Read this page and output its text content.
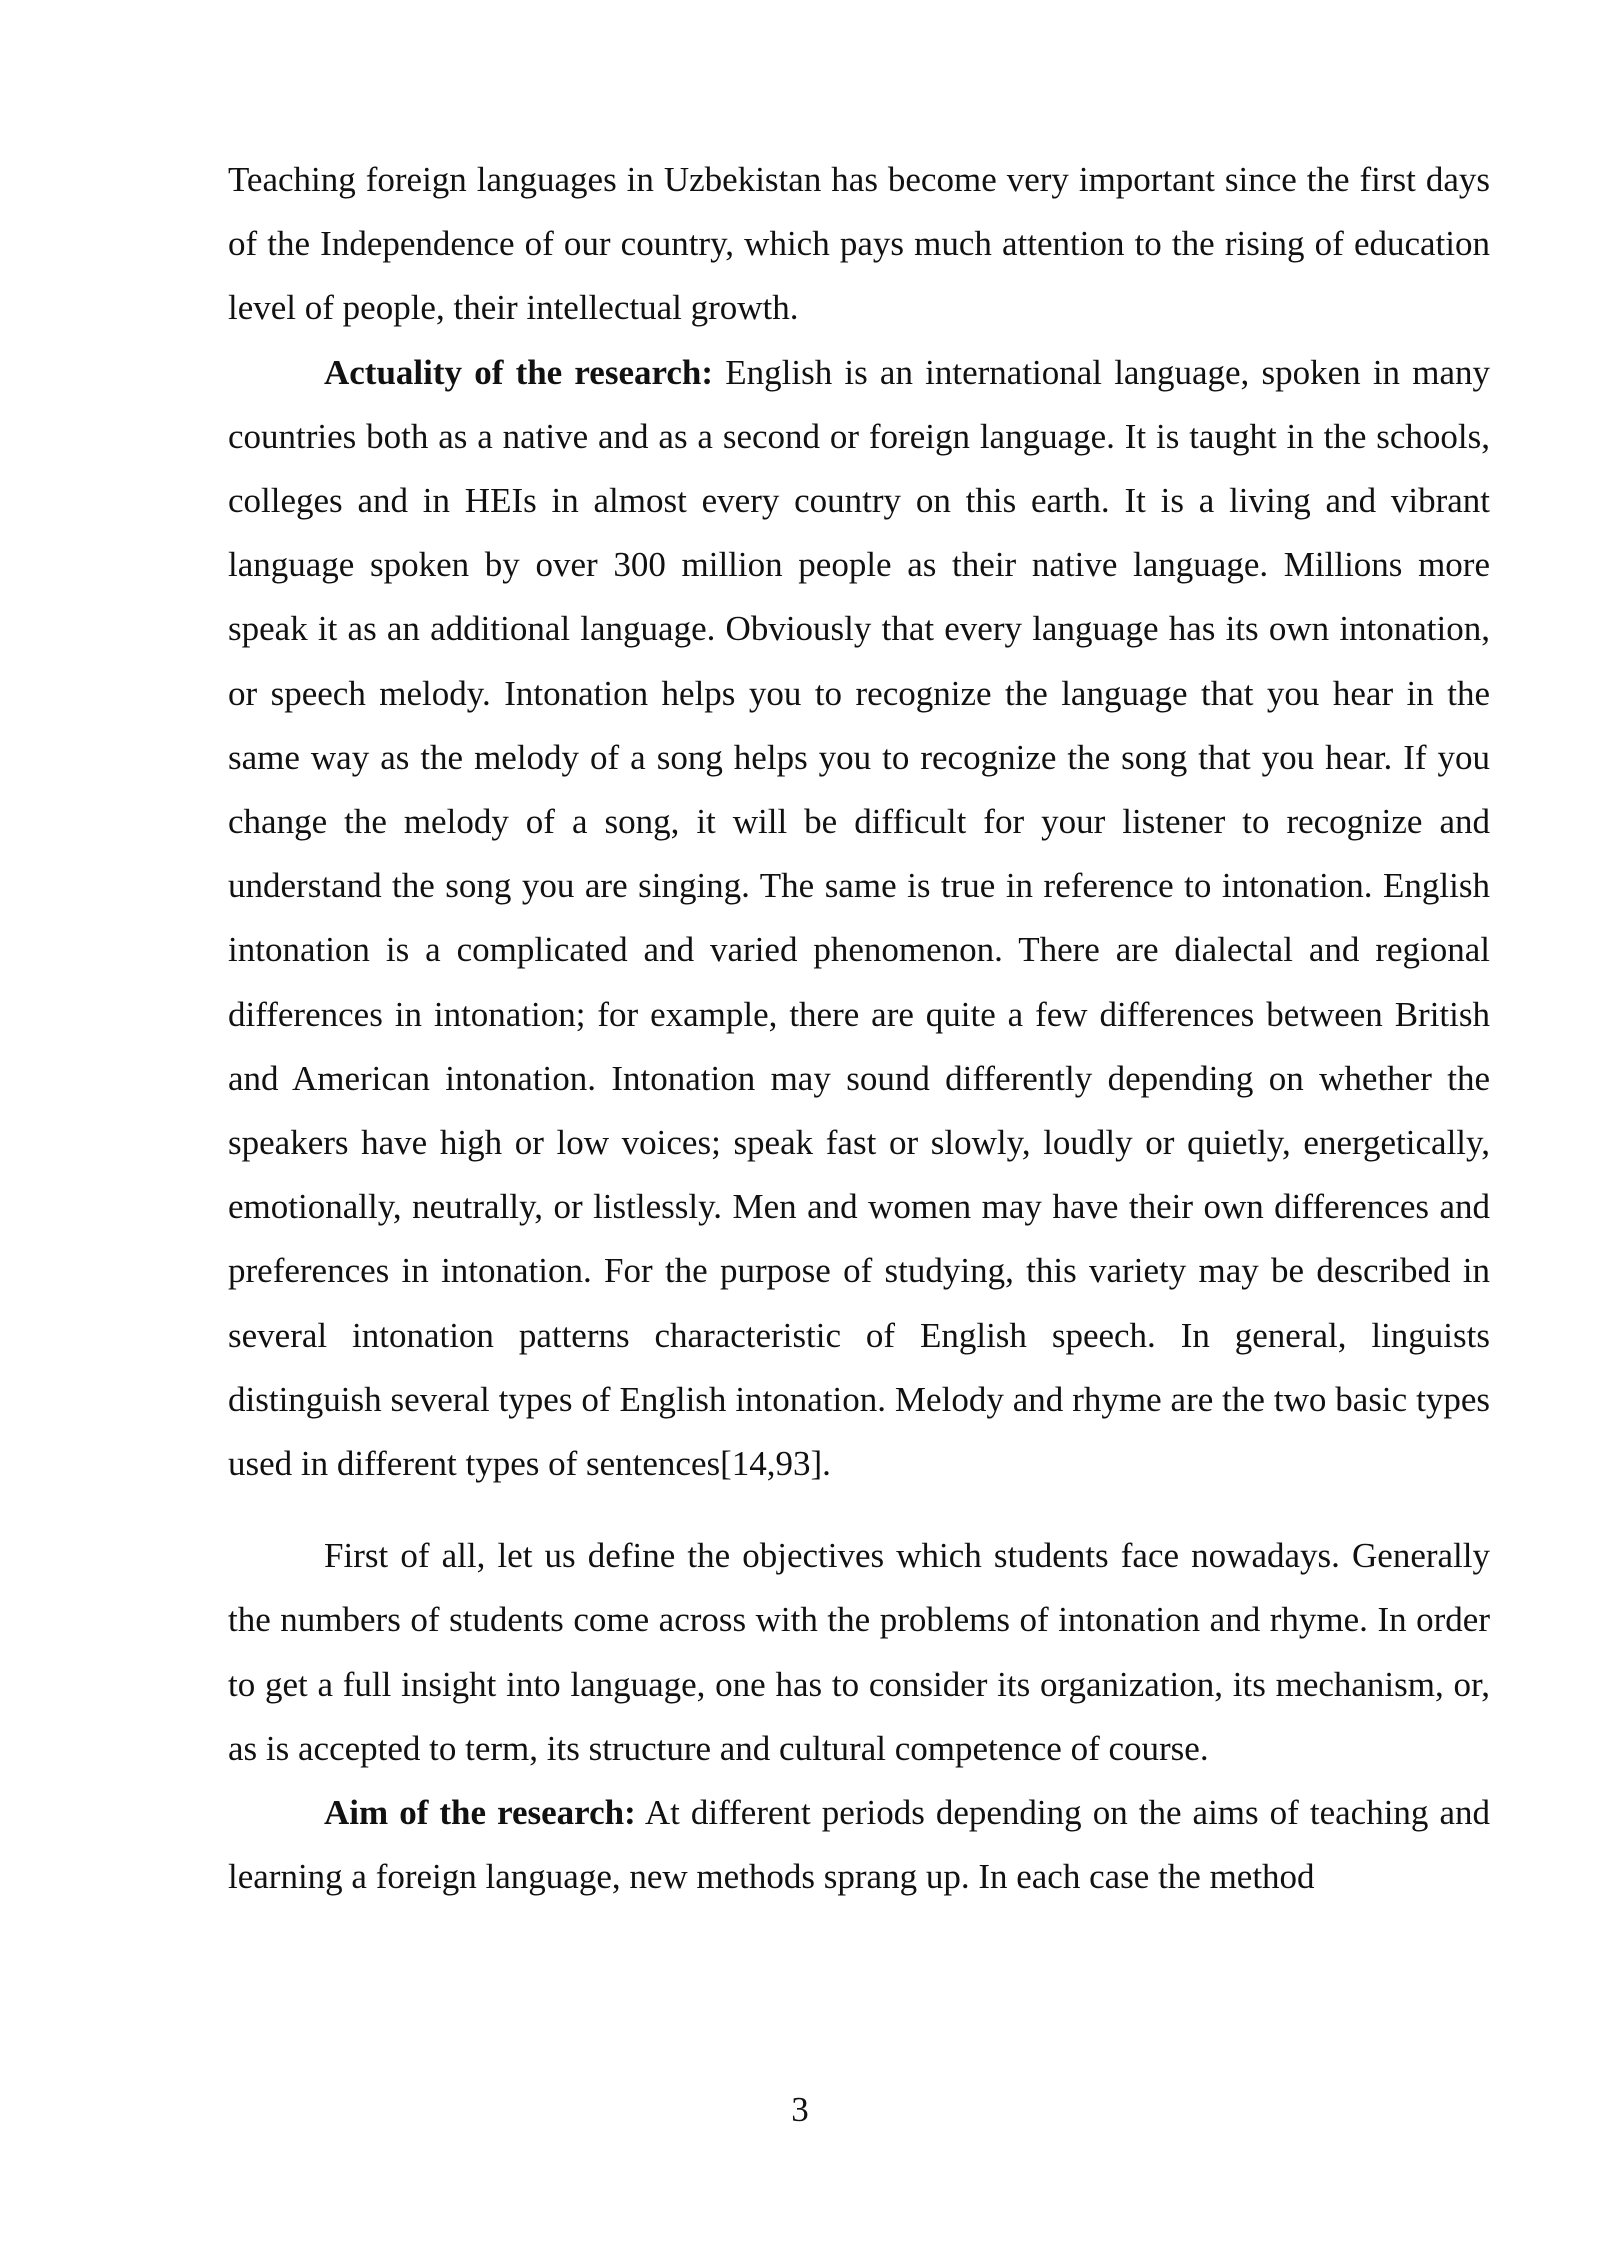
Teaching foreign languages in Uzbekistan has become very important since the first days of the Independence of our country, which pays much attention to the rising of education level of people, their intellectual growth.

Actuality of the research: English is an international language, spoken in many countries both as a native and as a second or foreign language. It is taught in the schools, colleges and in HEIs in almost every country on this earth. It is a living and vibrant language spoken by over 300 million people as their native language. Millions more speak it as an additional language. Obviously that every language has its own intonation, or speech melody. Intonation helps you to recognize the language that you hear in the same way as the melody of a song helps you to recognize the song that you hear. If you change the melody of a song, it will be difficult for your listener to recognize and understand the song you are singing. The same is true in reference to intonation. English intonation is a complicated and varied phenomenon. There are dialectal and regional differences in intonation; for example, there are quite a few differences between British and American intonation. Intonation may sound differently depending on whether the speakers have high or low voices; speak fast or slowly, loudly or quietly, energetically, emotionally, neutrally, or listlessly. Men and women may have their own differences and preferences in intonation. For the purpose of studying, this variety may be described in several intonation patterns characteristic of English speech. In general, linguists distinguish several types of English intonation. Melody and rhyme are the two basic types used in different types of sentences[14,93].

First of all, let us define the objectives which students face nowadays. Generally the numbers of students come across with the problems of intonation and rhyme. In order to get a full insight into language, one has to consider its organization, its mechanism, or, as is accepted to term, its structure and cultural competence of course.

Aim of the research: At different periods depending on the aims of teaching and learning a foreign language, new methods sprang up. In each case the method

3
